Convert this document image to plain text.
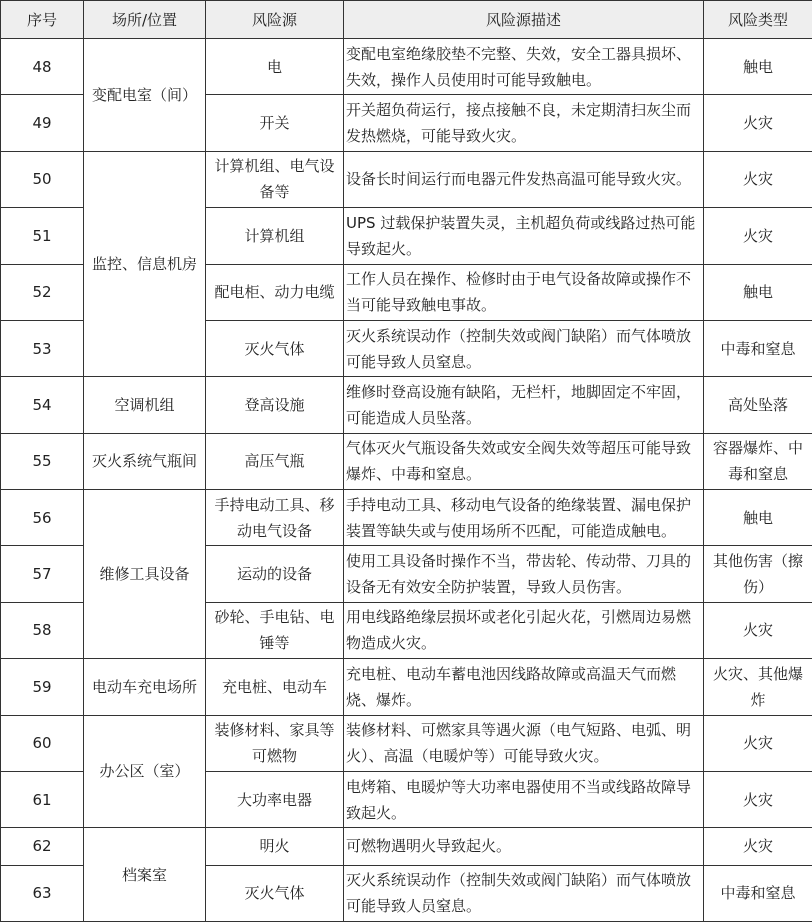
序号	场所/位置	风险源	风险源描述	风险类型
48	变配电室（间）	电	变配电室绝缘胶垫不完整、失效，安全工器具损坏、失效，操作人员使用时可能导致触电。	触电
49		开关	开关超负荷运行，接点接触不良，未定期清扫灰尘而发热燃烧，可能导致火灾。	火灾
50	监控、信息机房	计算机组、电气设备等	设备长时间运行而电器元件发热高温可能导致火灾。	火灾
51		计算机组	UPS 过载保护装置失灵，主机超负荷或线路过热可能导致起火。	火灾
52		配电柜、动力电缆	工作人员在操作、检修时由于电气设备故障或操作不当可能导致触电事故。	触电
53		灭火气体	灭火系统误动作（控制失效或阀门缺陷）而气体喷放可能导致人员窒息。	中毒和窒息
54	空调机组	登高设施	维修时登高设施有缺陷，无栏杆，地脚固定不牢固，可能造成人员坠落。	高处坠落
55	灭火系统气瓶间	高压气瓶	气体灭火气瓶设备失效或安全阀失效等超压可能导致爆炸、中毒和窒息。	容器爆炸、中毒和窒息
56	维修工具设备	手持电动工具、移动电气设备	手持电动工具、移动电气设备的绝缘装置、漏电保护装置等缺失或与使用场所不匹配，可能造成触电。	触电
57		运动的设备	使用工具设备时操作不当，带齿轮、传动带、刀具的设备无有效安全防护装置，导致人员伤害。	其他伤害（擦伤）
58		砂轮、手电钻、电锤等	用电线路绝缘层损坏或老化引起火花，引燃周边易燃物造成火灾。	火灾
59	电动车充电场所	充电桩、电动车	充电桩、电动车蓄电池因线路故障或高温天气而燃烧、爆炸。	火灾、其他爆炸
60	办公区（室）	装修材料、家具等可燃物	装修材料、可燃家具等遇火源（电气短路、电弧、明火）、高温（电暖炉等）可能导致火灾。	火灾
61		大功率电器	电烤箱、电暖炉等大功率电器使用不当或线路故障导致起火。	火灾
62	档案室	明火	可燃物遇明火导致起火。	火灾
63		灭火气体	灭火系统误动作（控制失效或阀门缺陷）而气体喷放可能导致人员窒息。	中毒和窒息
